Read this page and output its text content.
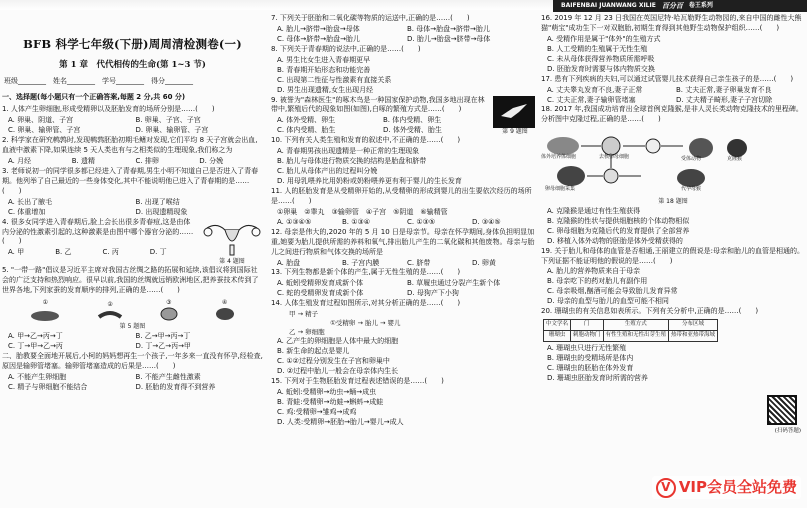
BAIFENBAI JUANWANG XILIE 百分百 卷王系列
BFB 科学七年级(下册)周周清检测卷(一)
第 1 章　代代相传的生命(第 1~3 节)
班级________　姓名________　学号________　得分________
一、选择题(每小题只有一个正确答案,每题 2 分,共 60 分)
1. 人体产生卵细胞,形成受精卵以及胚胎发育的场所分别是……(　　)
A. 卵巢、阴道、子宫	B. 卵巢、子宫、子宫
C. 卵巢、输卵管、子宫	D. 卵巢、输卵管、子宫
2. 科学家在研究鹌鹑时,发现鹌鹑胚胎初期毛鳍对发现,它们平均 8 天子宫就会出血,血液中激素下降,如果连续 5 天人类也有与之相类似的生理现象,我们称之为
A. 月经	B. 遗精	C. 排卵	D. 分娩
3. 老师说初一的同学很多都已经进入了青春期,男生小明不知道自己是否进入了青春期。他列举了自己最近的一些身体变化,其中不能说明他已进入了青春期的是……(　　)
A. 长出了腋毛	B. 出现了喉结
C. 体重增加	D. 出现遗精现象
4. 很多女同学进入青春期后,脸上会长出很多青春痘,这是由体内分泌的性激素引起的,这种激素是由图中哪个器官分泌的……(　　)
A. 甲	B. 乙	C. 丙	D. 丁
第 4 题图
5. "一带一路"倡议是习近平主席对我国古丝绸之路的拓展和延续,该倡议将到国际社会的广泛支持和热烈响应。很早以前,我国的丝绸就远销欧洲地区,把养蚕技术传到了世界各地,下列家蚕的发育顺序的排列,正确的是……(　　)
①	②	③	④
第 5 题图
A. 甲→乙→丙→丁	B. 乙→甲→丙→丁
C. 丁→甲→乙→丙	D. 丁→乙→丙→甲
二、胎教要全面地开展后,小柯的妈妈想再生一个孩子,一年多来一直没有怀孕,经检查,原因是输卵管堵塞。输卵管堵塞造成的后果是……(　　)
A. 不能产生卵细胞	B. 不能产生雌性激素
C. 精子与卵细胞不能结合	D. 胚胎的发育得不到营养
7. 下列关于胚胎和二氧化碳等物质的运送中,正确的是……(　　)
A. 胎儿→脐带→胎盘→母体	B. 母体→胎盘→脐带→胎儿
C. 母体→脐带→胎盘→胎儿	D. 胎儿→胎盘→脐带→母体
8. 下列关于青春期的说法中,正确的是……(　　)
A. 男生比女生进入青春期更早
B. 青春期开始形态和功能完善
C. 出现第二性征与性激素有直接关系
D. 男生出现遗精,女生出现月经
9. 被誉为"森林医生"的啄木鸟是一种国家保护动物,我国多地出现在林带中,繁殖后代的现象如图(如图),白啄的繁殖方式是……(　　)
A. 体外受精、卵生	B. 体内受精、卵生
C. 体内受精、胎生	D. 体外受精、胎生	第 9 题图
10. 下列有关人类生殖和发育的叙述中,不正确的是……(　　)
A. 青春期男孩出现遗精是一种正常的生理现象
B. 胎儿与母体进行物质交换的结构是胎盘和脐带
C. 胎儿从母体产出的过程叫分娩
D. 用母乳喂养比用奶粉或奶粉喂养更有利于婴儿的生长发育
11. 人的胚胎发育是从受精卵开始的,从受精卵的形成到婴儿的出生要依次经历的场所是……(　　)
①卵巢　②睾丸　③输卵管　④子宫　⑤阴道　⑥输精管
A. ①③④⑤	B. ①③④	C. ①③⑤	D. ③④⑤
12. 母亲是伟大的,2020 年的 5 月 10 日是母亲节。母亲在怀孕期间,身体负担明显加重,她要为胎儿提供所需的养料和氧气,排出胎儿产生的二氧化碳和其他废物。母亲与胎儿之间进行物质和气体交换的场所是
A. 胎盘	B. 子宫内膜	C. 脐带	D. 卵黄
13. 下列生物都是新个体的产生,属于无性生殖的是……(　　)
A. 蚯蚓受精卵发育成新个体	B. 草履虫通过分裂产生新个体
C. 蛇的受精卵发育成新个体	D. 母狗产下小狗
14. 人体生殖发育过程如图所示,对其分析正确的是……(　　)
甲 → 精子
　　　　　　 ①受精卵 → 胎儿 → 婴儿
乙 → 卵细胞
A. 乙产生的卵细胞是人体中最大的细胞
B. 新生命的起点是婴儿
C. ①②过程分别发生在子宫和卵巢中
D. ②过程中胎儿一般会在母亲体内生长
15. 下列对于生物胚胎发育过程表述错误的是……(　　)
A. 蚯蚓:受精卵→幼虫→蛹→成虫
B. 青蛙:受精卵→幼蛙→蝌蚪→成蛙
C. 鸡:受精卵→雏鸡→成鸡
D. 人类:受精卵→胚胎→胎儿→婴儿→成人
16. 2019 年 12 月 23 日我国在英国尼特·哈瓦勒野生动物园的,来自中国的雌性大熊猫"萌宝"成功生下一对双胞胎,初期生育得到其他野生动物保护组织……(　　)
A. 受精作用是属于"体外"的生殖方式
B. 人工受精的生殖属于无性生殖
C. 未从母体获得营养物质所需呼吸
D. 胚胎发育时需要与体内物质交换
17. 患有下列疾病的夫妇,可以通过试管婴儿技术获得自己亲生孩子的是……(　　)
A. 丈夫睾丸发育不良,妻子正常	B. 丈夫正常,妻子卵巢发育不良
C. 丈夫正常,妻子输卵管堵塞	D. 丈夫精子畸形,妻子子宫切除
18. 2017 年,我国成功培育出全球首例克隆猴,是非人灵长类动物克隆技术的里程碑。分析图中克隆过程,正确的是……(　　)
体外培养体细胞	去核卵母细胞	受体动物	克隆猴
卵母细胞采集	代孕母猴
第 18 题图
A. 克隆猴是通过有性生殖获得
B. 克隆猴的性状与提供细胞核的个体动物相似
C. 卵母细胞为克隆后代的发育提供了全部营养
D. 移植入体外动物的胚胎是体外受精获得的
19. 关于胎儿和母体的血管是否相通,王丽建立的假说是:母亲和胎儿的血管是相通的。下列证据不能证明他的假说的是……(　　)
A. 胎儿的营养物质来自于母亲
B. 母亲吃下的药对胎儿有副作用
C. 母亲吸烟,酗酒可能会导致胎儿发育异常
D. 母亲的血型与胎儿的血型可能不相同
20. 珊瑚虫的有关信息如表所示。下列有关分析中,正确的是……(　　)
中文学名	门	生殖方式	分布区域
珊瑚虫	刺胞动物门	有性生殖和无性出芽生殖	热带和亚热带海域
A. 珊瑚虫只进行无性繁殖
B. 珊瑚虫的受精场所是体内
C. 珊瑚虫的胚胎在体外发育
D. 珊瑚虫胚胎发育时所需的营养
(扫码答题)
V VIP会员全站免费
